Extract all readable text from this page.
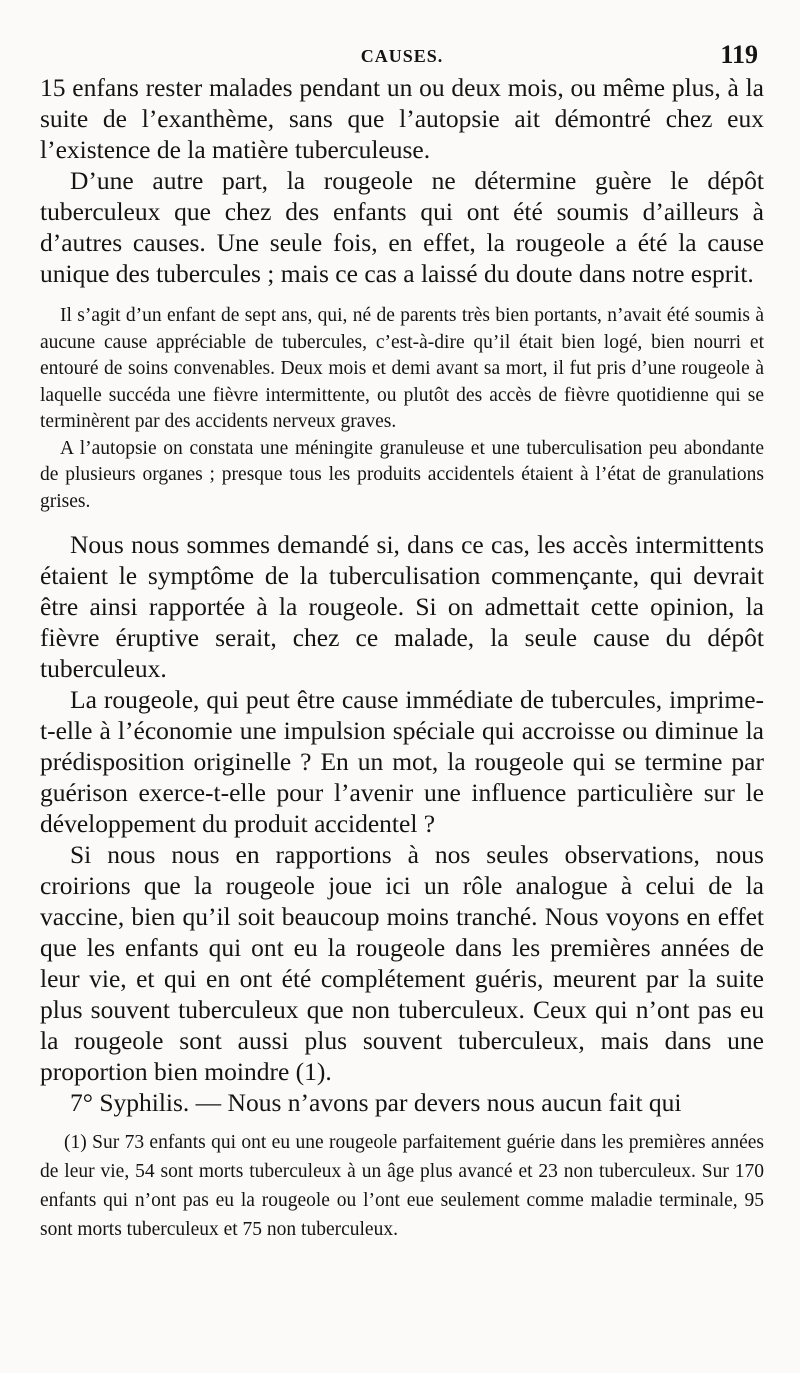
CAUSES.	119

15 enfans rester malades pendant un ou deux mois, ou même plus, à la suite de l’exanthème, sans que l’autopsie ait démontré chez eux l’existence de la matière tuberculeuse.

D’une autre part, la rougeole ne détermine guère le dépôt tuberculeux que chez des enfants qui ont été soumis d’ailleurs à d’autres causes. Une seule fois, en effet, la rougeole a été la cause unique des tubercules ; mais ce cas a laissé du doute dans notre esprit.

Il s’agit d’un enfant de sept ans, qui, né de parents très bien portants, n’avait été soumis à aucune cause appréciable de tubercules, c’est-à-dire qu’il était bien logé, bien nourri et entouré de soins convenables. Deux mois et demi avant sa mort, il fut pris d’une rougeole à laquelle succéda une fièvre intermittente, ou plutôt des accès de fièvre quotidienne qui se terminèrent par des accidents nerveux graves.

A l’autopsie on constata une méningite granuleuse et une tuberculisation peu abondante de plusieurs organes ; presque tous les produits accidentels étaient à l’état de granulations grises.

Nous nous sommes demandé si, dans ce cas, les accès intermittents étaient le symptôme de la tuberculisation commençante, qui devrait être ainsi rapportée à la rougeole. Si on admettait cette opinion, la fièvre éruptive serait, chez ce malade, la seule cause du dépôt tuberculeux.

La rougeole, qui peut être cause immédiate de tubercules, imprime-t-elle à l’économie une impulsion spéciale qui accroisse ou diminue la prédisposition originelle ? En un mot, la rougeole qui se termine par guérison exerce-t-elle pour l’avenir une influence particulière sur le développement du produit accidentel ?

Si nous nous en rapportions à nos seules observations, nous croirions que la rougeole joue ici un rôle analogue à celui de la vaccine, bien qu’il soit beaucoup moins tranché. Nous voyons en effet que les enfants qui ont eu la rougeole dans les premières années de leur vie, et qui en ont été complétement guéris, meurent par la suite plus souvent tuberculeux que non tuberculeux. Ceux qui n’ont pas eu la rougeole sont aussi plus souvent tuberculeux, mais dans une proportion bien moindre (1).

7° Syphilis. — Nous n’avons par devers nous aucun fait qui

(1) Sur 73 enfants qui ont eu une rougeole parfaitement guérie dans les premières années de leur vie, 54 sont morts tuberculeux à un âge plus avancé et 23 non tuberculeux. Sur 170 enfants qui n’ont pas eu la rougeole ou l’ont eue seulement comme maladie terminale, 95 sont morts tuberculeux et 75 non tuberculeux.
